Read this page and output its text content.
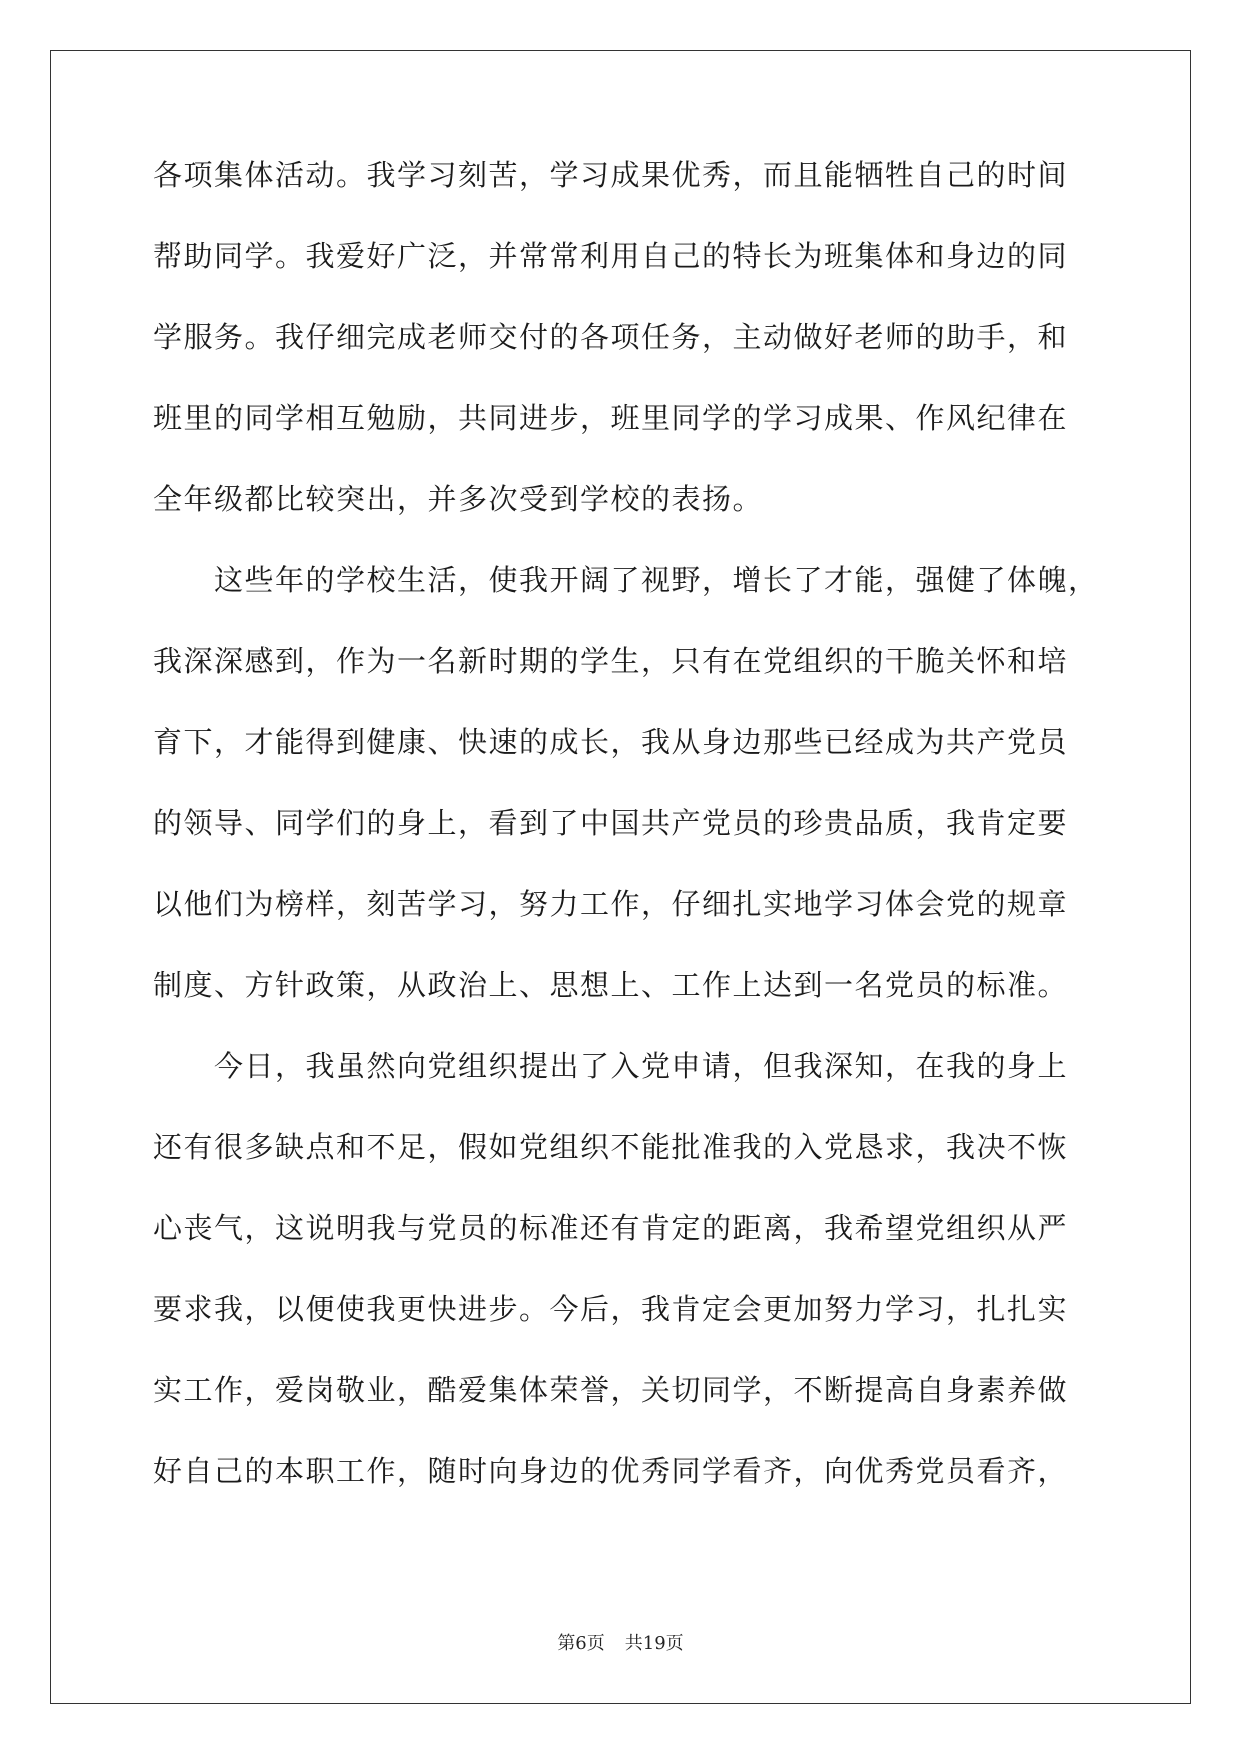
各项集体活动。我学习刻苦，学习成果优秀，而且能牺牲自己的时间
帮助同学。我爱好广泛，并常常利用自己的特长为班集体和身边的同
学服务。我仔细完成老师交付的各项任务，主动做好老师的助手，和
班里的同学相互勉励，共同进步，班里同学的学习成果、作风纪律在
全年级都比较突出，并多次受到学校的表扬。
这些年的学校生活，使我开阔了视野，增长了才能，强健了体魄，
我深深感到，作为一名新时期的学生，只有在党组织的干脆关怀和培
育下，才能得到健康、快速的成长，我从身边那些已经成为共产党员
的领导、同学们的身上，看到了中国共产党员的珍贵品质，我肯定要
以他们为榜样，刻苦学习，努力工作，仔细扎实地学习体会党的规章
制度、方针政策，从政治上、思想上、工作上达到一名党员的标准。
今日，我虽然向党组织提出了入党申请，但我深知，在我的身上
还有很多缺点和不足，假如党组织不能批准我的入党恳求，我决不恢
心丧气，这说明我与党员的标准还有肯定的距离，我希望党组织从严
要求我，以便使我更快进步。今后，我肯定会更加努力学习，扎扎实
实工作，爱岗敬业，酷爱集体荣誉，关切同学，不断提高自身素养做
好自己的本职工作，随时向身边的优秀同学看齐，向优秀党员看齐，
第6页 共19页
